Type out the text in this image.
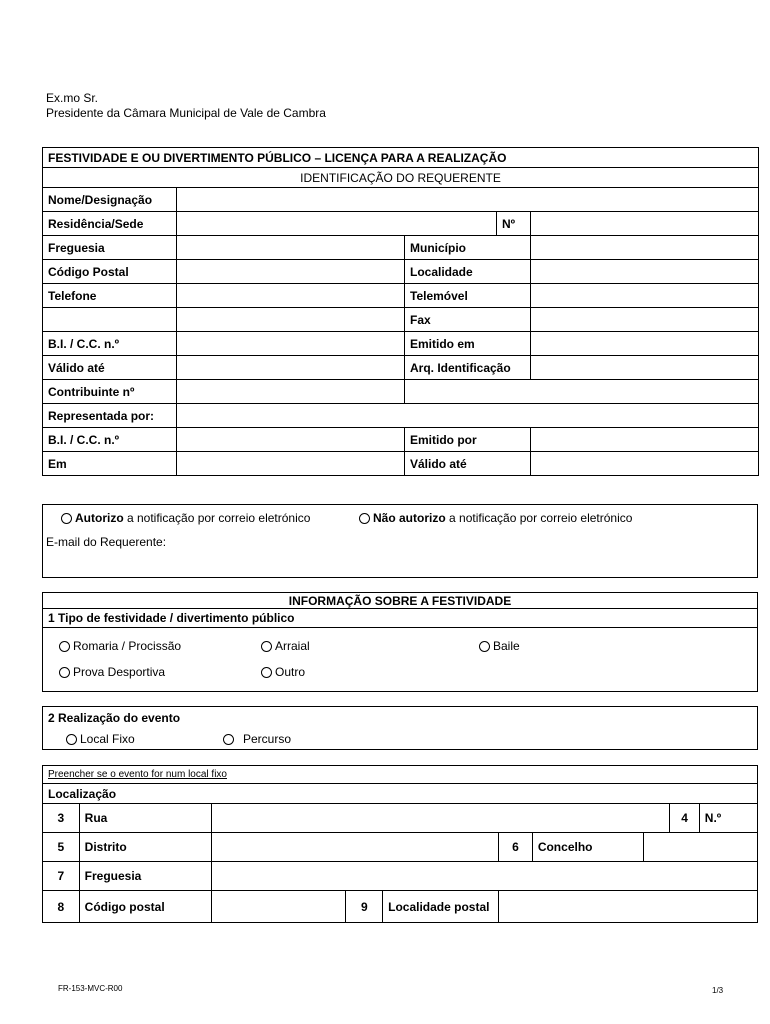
Ex.mo Sr.
Presidente da Câmara Municipal de Vale de Cambra
FESTIVIDADE E OU DIVERTIMENTO PÚBLICO – LICENÇA PARA A REALIZAÇÃO				
IDENTIFICAÇÃO DO REQUERENTE				
Nome/Designação				
Residência/Sede			Nº	
Freguesia		Município		
Código Postal		Localidade		
Telefone		Telemóvel		
		Fax		
B.I. / C.C. n.º		Emitido em		
Válido até		Arq. Identificação		
Contribuinte nº				
Representada por:				
B.I. / C.C. n.º		Emitido por		
Em		Válido até		
Autorizo a notificação por correio eletrónico	Não autorizo a notificação por correio eletrónico
E-mail do Requerente:
INFORMAÇÃO SOBRE A FESTIVIDADE
1 Tipo de festividade / divertimento público
Romaria / Procissão	Arraial	Baile
Prova Desportiva	Outro
2 Realização do evento
Local Fixo	Percurso
Preencher se o evento for num local fixo									
Localização									
3	Rua							4	N.º
5	Distrito				6	Concelho			
7	Freguesia								
8	Código postal		9	Localidade postal					
FR-153-MVC-R00	1/3
